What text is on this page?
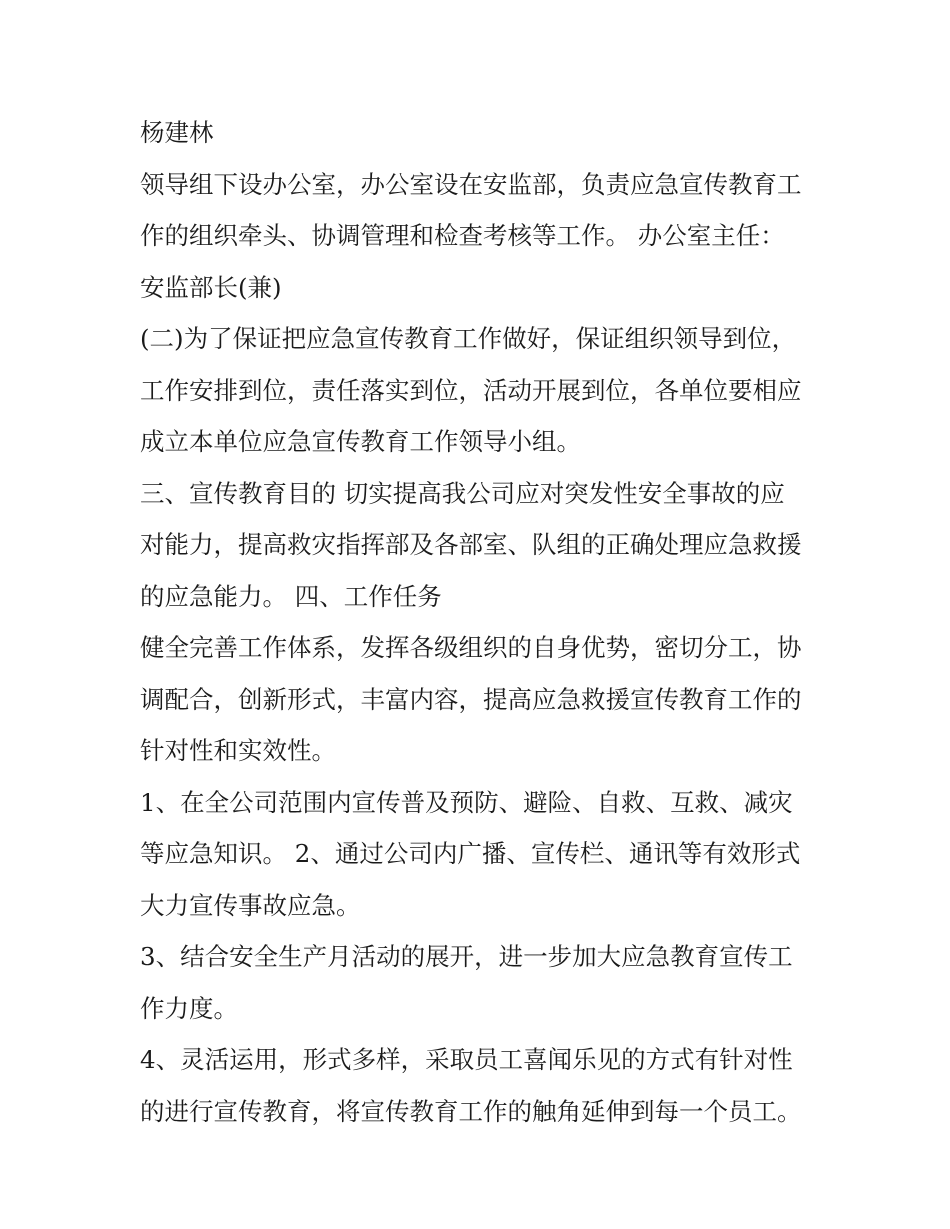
杨建林

领导组下设办公室，办公室设在安监部，负责应急宣传教育工
作的组织牵头、协调管理和检查考核等工作。 办公室主任：
安监部长(兼)

(二)为了保证把应急宣传教育工作做好，保证组织领导到位，
工作安排到位，责任落实到位，活动开展到位，各单位要相应
成立本单位应急宣传教育工作领导小组。

三、宣传教育目的 切实提高我公司应对突发性安全事故的应
对能力，提高救灾指挥部及各部室、队组的正确处理应急救援
的应急能力。 四、工作任务

健全完善工作体系，发挥各级组织的自身优势，密切分工，协
调配合，创新形式，丰富内容，提高应急救援宣传教育工作的
针对性和实效性。

1、在全公司范围内宣传普及预防、避险、自救、互救、减灾
等应急知识。 2、通过公司内广播、宣传栏、通讯等有效形式
大力宣传事故应急。

3、结合安全生产月活动的展开，进一步加大应急教育宣传工
作力度。

4、灵活运用，形式多样，采取员工喜闻乐见的方式有针对性
的进行宣传教育，将宣传教育工作的触角延伸到每一个员工。
